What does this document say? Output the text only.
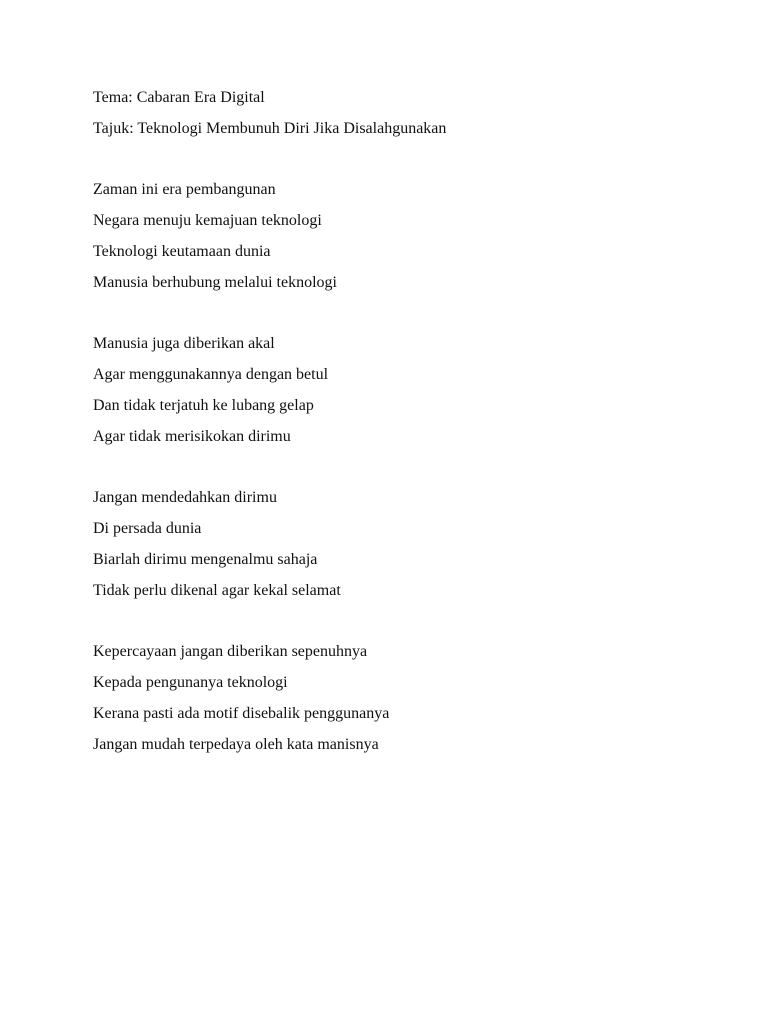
Tema: Cabaran Era Digital
Tajuk: Teknologi Membunuh Diri Jika Disalahgunakan
Zaman ini era pembangunan
Negara menuju kemajuan teknologi
Teknologi keutamaan dunia
Manusia berhubung melalui teknologi
Manusia juga diberikan akal
Agar menggunakannya dengan betul
Dan tidak terjatuh ke lubang gelap
Agar tidak merisikokan dirimu
Jangan mendedahkan dirimu
Di persada dunia
Biarlah dirimu mengenalmu sahaja
Tidak perlu dikenal agar kekal selamat
Kepercayaan jangan diberikan sepenuhnya
Kepada pengunanya teknologi
Kerana pasti ada motif disebalik penggunanya
Jangan mudah terpedaya oleh kata manisnya
